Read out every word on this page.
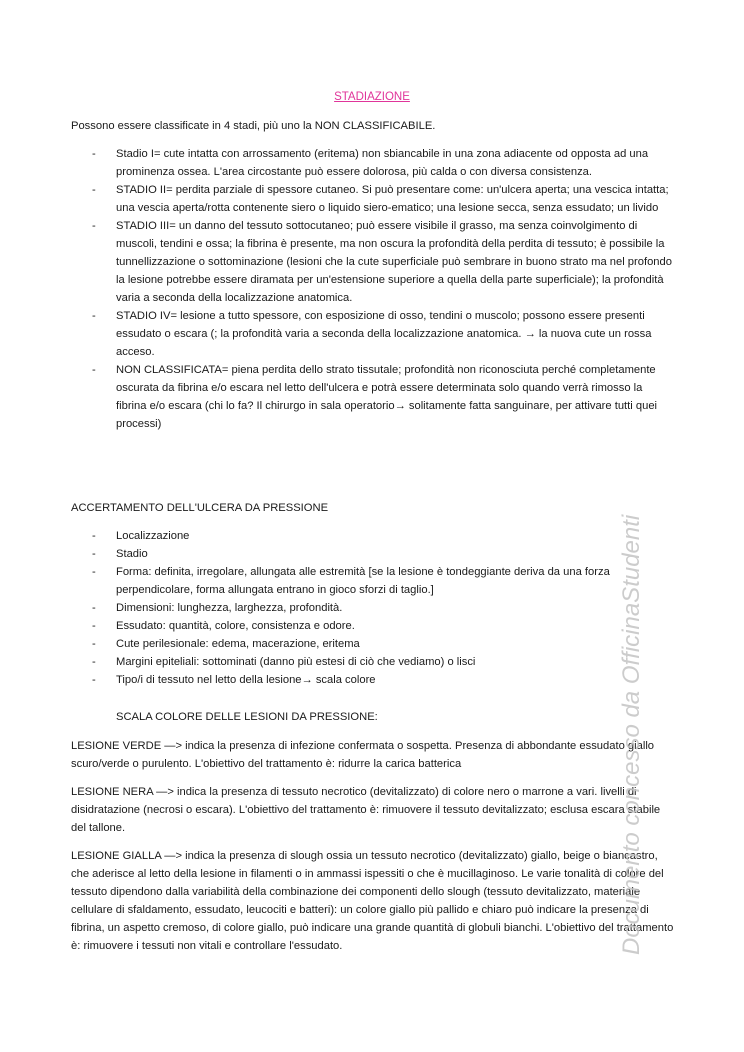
STADIAZIONE

Possono essere classificate in 4 stadi, più uno la NON CLASSIFICABILE.

- Stadio I= cute intatta con arrossamento (eritema) non sbiancabile in una zona adiacente od opposta ad una prominenza ossea. L'area circostante può essere dolorosa, più calda o con diversa consistenza.
- STADIO II= perdita parziale di spessore cutaneo. Si può presentare come: un'ulcera aperta; una vescica intatta; una vescia aperta/rotta contenente siero o liquido siero-ematico; una lesione secca, senza essudato; un livido
- STADIO III= un danno del tessuto sottocutaneo; può essere visibile il grasso, ma senza coinvolgimento di muscoli, tendini e ossa; la fibrina è presente, ma non oscura la profondità della perdita di tessuto; è possibile la tunnellizzazione o sottominazione (lesioni che la cute superficiale può sembrare in buono strato ma nel profondo la lesione potrebbe essere diramata per un'estensione superiore a quella della parte superficiale); la profondità varia a seconda della localizzazione anatomica.
- STADIO IV= lesione a tutto spessore, con esposizione di osso, tendini o muscolo; possono essere presenti essudato o escara (; la profondità varia a seconda della localizzazione anatomica. → la nuova cute un rossa acceso.
- NON CLASSIFICATA= piena perdita dello strato tissutale; profondità non riconosciuta perché completamente oscurata da fibrina e/o escara nel letto dell'ulcera e potrà essere determinata solo quando verrà rimosso la fibrina e/o escara (chi lo fa? Il chirurgo in sala operatorio→ solitamente fatta sanguinare, per attivare tutti quei processi)

ACCERTAMENTO DELL'ULCERA DA PRESSIONE

- Localizzazione
- Stadio
- Forma: definita, irregolare, allungata alle estremità [se la lesione è tondeggiante deriva da una forza perpendicolare, forma allungata entrano in gioco sforzi di taglio.]
- Dimensioni: lunghezza, larghezza, profondità.
- Essudato: quantità, colore, consistenza e odore.
- Cute perilesionale: edema, macerazione, eritema
- Margini epiteliali: sottominati (danno più estesi di ciò che vediamo) o lisci
- Tipo/i di tessuto nel letto della lesione→ scala colore

SCALA COLORE DELLE LESIONI DA PRESSIONE:

LESIONE VERDE —> indica la presenza di infezione confermata o sospetta. Presenza di abbondante essudato giallo scuro/verde o purulento. L'obiettivo del trattamento è: ridurre la carica batterica

LESIONE NERA —> indica la presenza di tessuto necrotico (devitalizzato) di colore nero o marrone a vari. livelli di disidratazione (necrosi o escara). L'obiettivo del trattamento è: rimuovere il tessuto devitalizzato; esclusa escara stabile del tallone.

LESIONE GIALLA —> indica la presenza di slough ossia un tessuto necrotico (devitalizzato) giallo, beige o biancastro, che aderisce al letto della lesione in filamenti o in ammassi ispessiti o che è mucillaginoso. Le varie tonalità di colore del tessuto dipendono dalla variabilità della combinazione dei componenti dello slough (tessuto devitalizzato, materiale cellulare di sfaldamento, essudato, leucociti e batteri): un colore giallo più pallido e chiaro può indicare la presenza di fibrina, un aspetto cremoso, di colore giallo, può indicare una grande quantità di globuli bianchi. L'obiettivo del trattamento è: rimuovere i tessuti non vitali e controllare l'essudato.	Documento concesso da OfficinaStudenti
